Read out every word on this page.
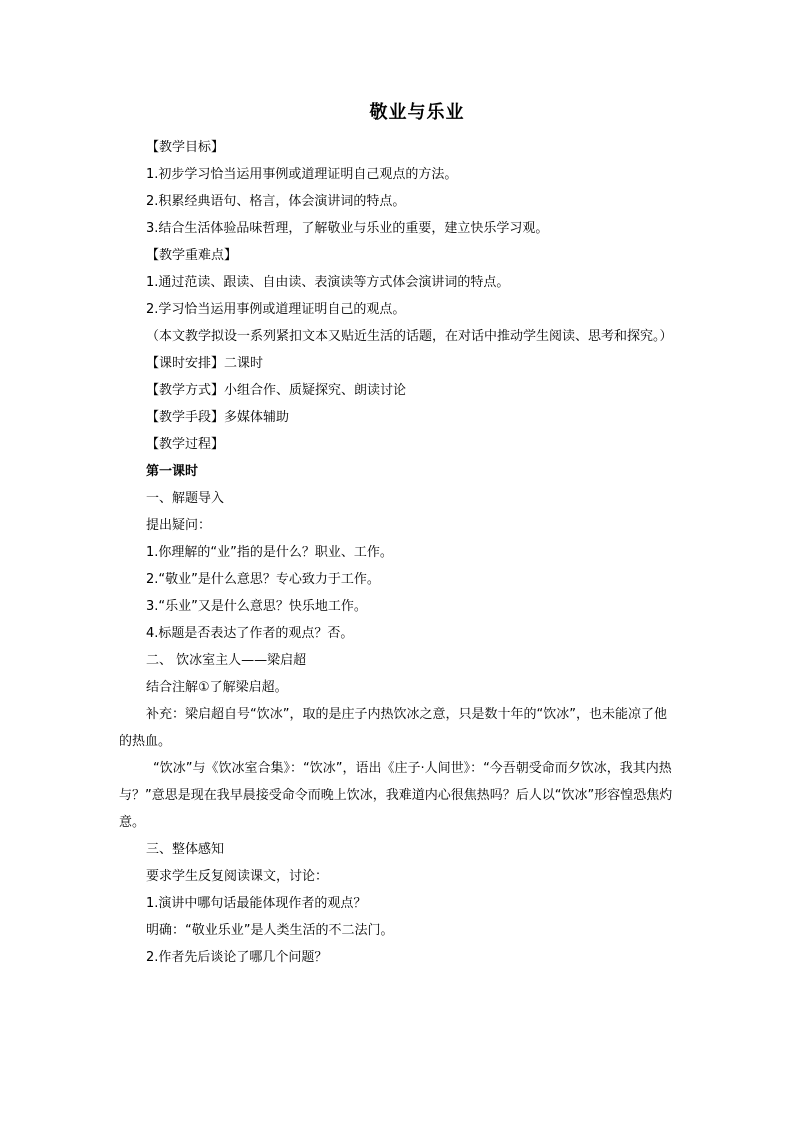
敬业与乐业

【教学目标】

1.初步学习恰当运用事例或道理证明自己观点的方法。

2.积累经典语句、格言，体会演讲词的特点。

3.结合生活体验品味哲理，了解敬业与乐业的重要，建立快乐学习观。

【教学重难点】

1.通过范读、跟读、自由读、表演读等方式体会演讲词的特点。

2.学习恰当运用事例或道理证明自己的观点。

（本文教学拟设一系列紧扣文本又贴近生活的话题，在对话中推动学生阅读、思考和探究。）

【课时安排】二课时

【教学方式】小组合作、质疑探究、朗读讨论

【教学手段】多媒体辅助

【教学过程】

第一课时

一、解题导入

提出疑问：

1.你理解的“业”指的是什么？职业、工作。

2.“敬业”是什么意思？专心致力于工作。

3.“乐业”又是什么意思？快乐地工作。

4.标题是否表达了作者的观点？否。

二、 饮冰室主人——梁启超

结合注解①了解梁启超。

补充：梁启超自号“饮冰”，取的是庄子内热饮冰之意，只是数十年的“饮冰”，也未能凉了他的热血。

“饮冰”与《饮冰室合集》：“饮冰”，语出《庄子·人间世》：“今吾朝受命而夕饮冰，我其内热与？”意思是现在我早晨接受命令而晚上饮冰，我难道内心很焦热吗？后人以“饮冰”形容惶恐焦灼意。

三、整体感知

要求学生反复阅读课文，讨论：

1.演讲中哪句话最能体现作者的观点？

明确：“敬业乐业”是人类生活的不二法门。

2.作者先后谈论了哪几个问题？
